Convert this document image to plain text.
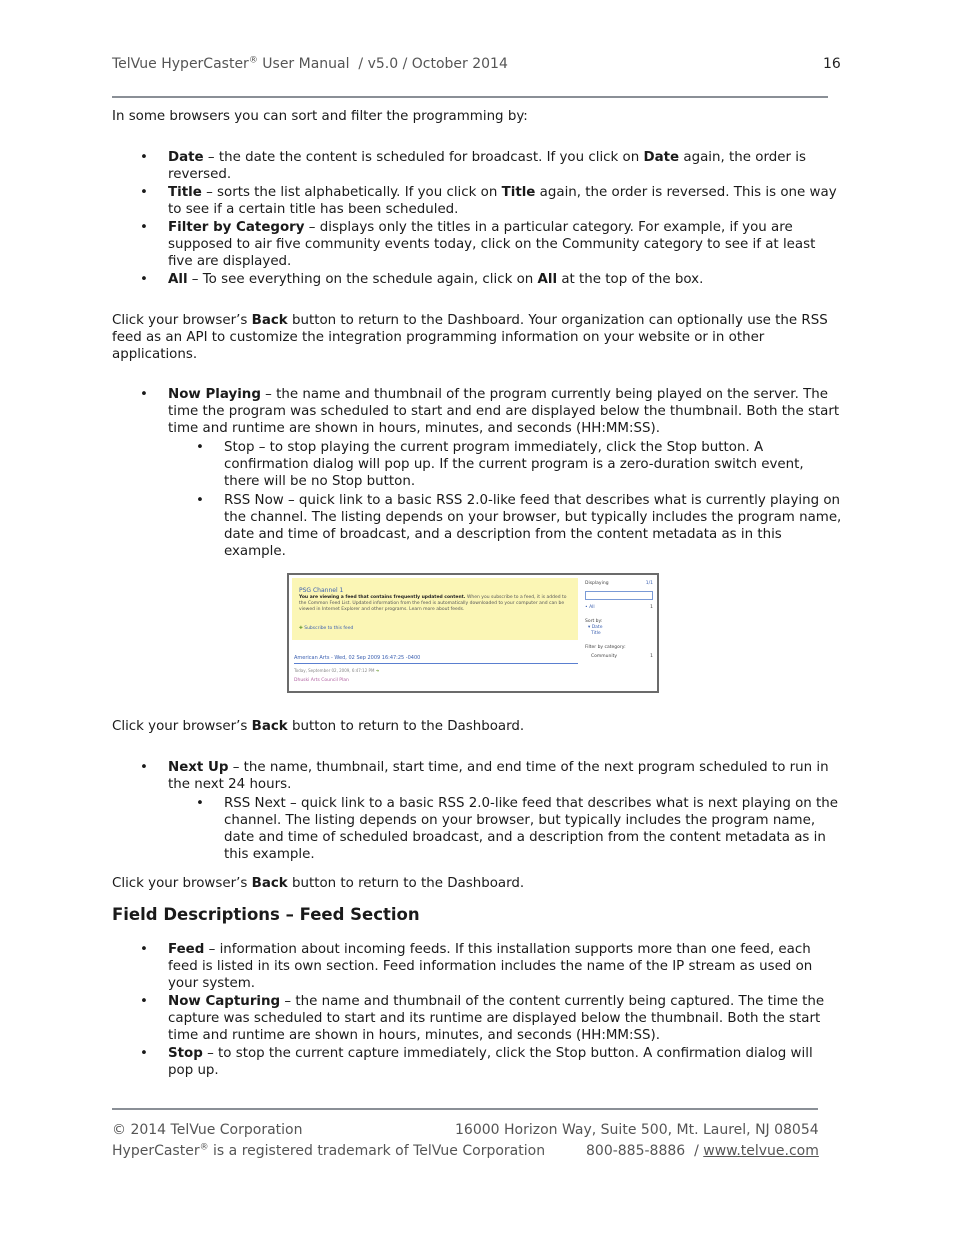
TelVue HyperCaster® User Manual  / v5.0 / October 2014	16
In some browsers you can sort and filter the programming by:
• Date – the date the content is scheduled for broadcast. If you click on Date again, the order is reversed.
• Title – sorts the list alphabetically. If you click on Title again, the order is reversed. This is one way to see if a certain title has been scheduled.
• Filter by Category – displays only the titles in a particular category. For example, if you are supposed to air five community events today, click on the Community category to see if at least five are displayed.
• All – To see everything on the schedule again, click on All at the top of the box.
Click your browser’s Back button to return to the Dashboard. Your organization can optionally use the RSS feed as an API to customize the integration programming information on your website or in other applications.
• Now Playing – the name and thumbnail of the program currently being played on the server. The time the program was scheduled to start and end are displayed below the thumbnail. Both the start time and runtime are shown in hours, minutes, and seconds (HH:MM:SS).
• Stop – to stop playing the current program immediately, click the Stop button. A confirmation dialog will pop up. If the current program is a zero-duration switch event, there will be no Stop button.
• RSS Now – quick link to a basic RSS 2.0-like feed that describes what is currently playing on the channel. The listing depends on your browser, but typically includes the program name, date and time of broadcast, and a description from the content metadata as in this example.
PSG Channel 1
You are viewing a feed that contains frequently updated content. When you subscribe to a feed, it is added to the Common Feed List. Updated information from the feed is automatically downloaded to your computer and can be viewed in Internet Explorer and other programs. Learn more about feeds.
✚ Subscribe to this feed
Displaying	1/1
• All	1
Sort by:
▾ Date
Title
Filter by category:
Community	1
American Arts - Wed, 02 Sep 2009 16:47:25 -0400
Today, September 02, 2009, 6:47:12 PM ➔
Dhuski Arts Council Plan
Click your browser’s Back button to return to the Dashboard.
• Next Up – the name, thumbnail, start time, and end time of the next program scheduled to run in the next 24 hours.
• RSS Next – quick link to a basic RSS 2.0-like feed that describes what is next playing on the channel. The listing depends on your browser, but typically includes the program name, date and time of scheduled broadcast, and a description from the content metadata as in this example.
Click your browser’s Back button to return to the Dashboard.
Field Descriptions – Feed Section
• Feed – information about incoming feeds. If this installation supports more than one feed, each feed is listed in its own section. Feed information includes the name of the IP stream as used on your system.
• Now Capturing – the name and thumbnail of the content currently being captured. The time the capture was scheduled to start and its runtime are displayed below the thumbnail. Both the start time and runtime are shown in hours, minutes, and seconds (HH:MM:SS).
• Stop – to stop the current capture immediately, click the Stop button. A confirmation dialog will pop up.
© 2014 TelVue Corporation	16000 Horizon Way, Suite 500, Mt. Laurel, NJ 08054
HyperCaster® is a registered trademark of TelVue Corporation	800-885-8886  / www.telvue.com
